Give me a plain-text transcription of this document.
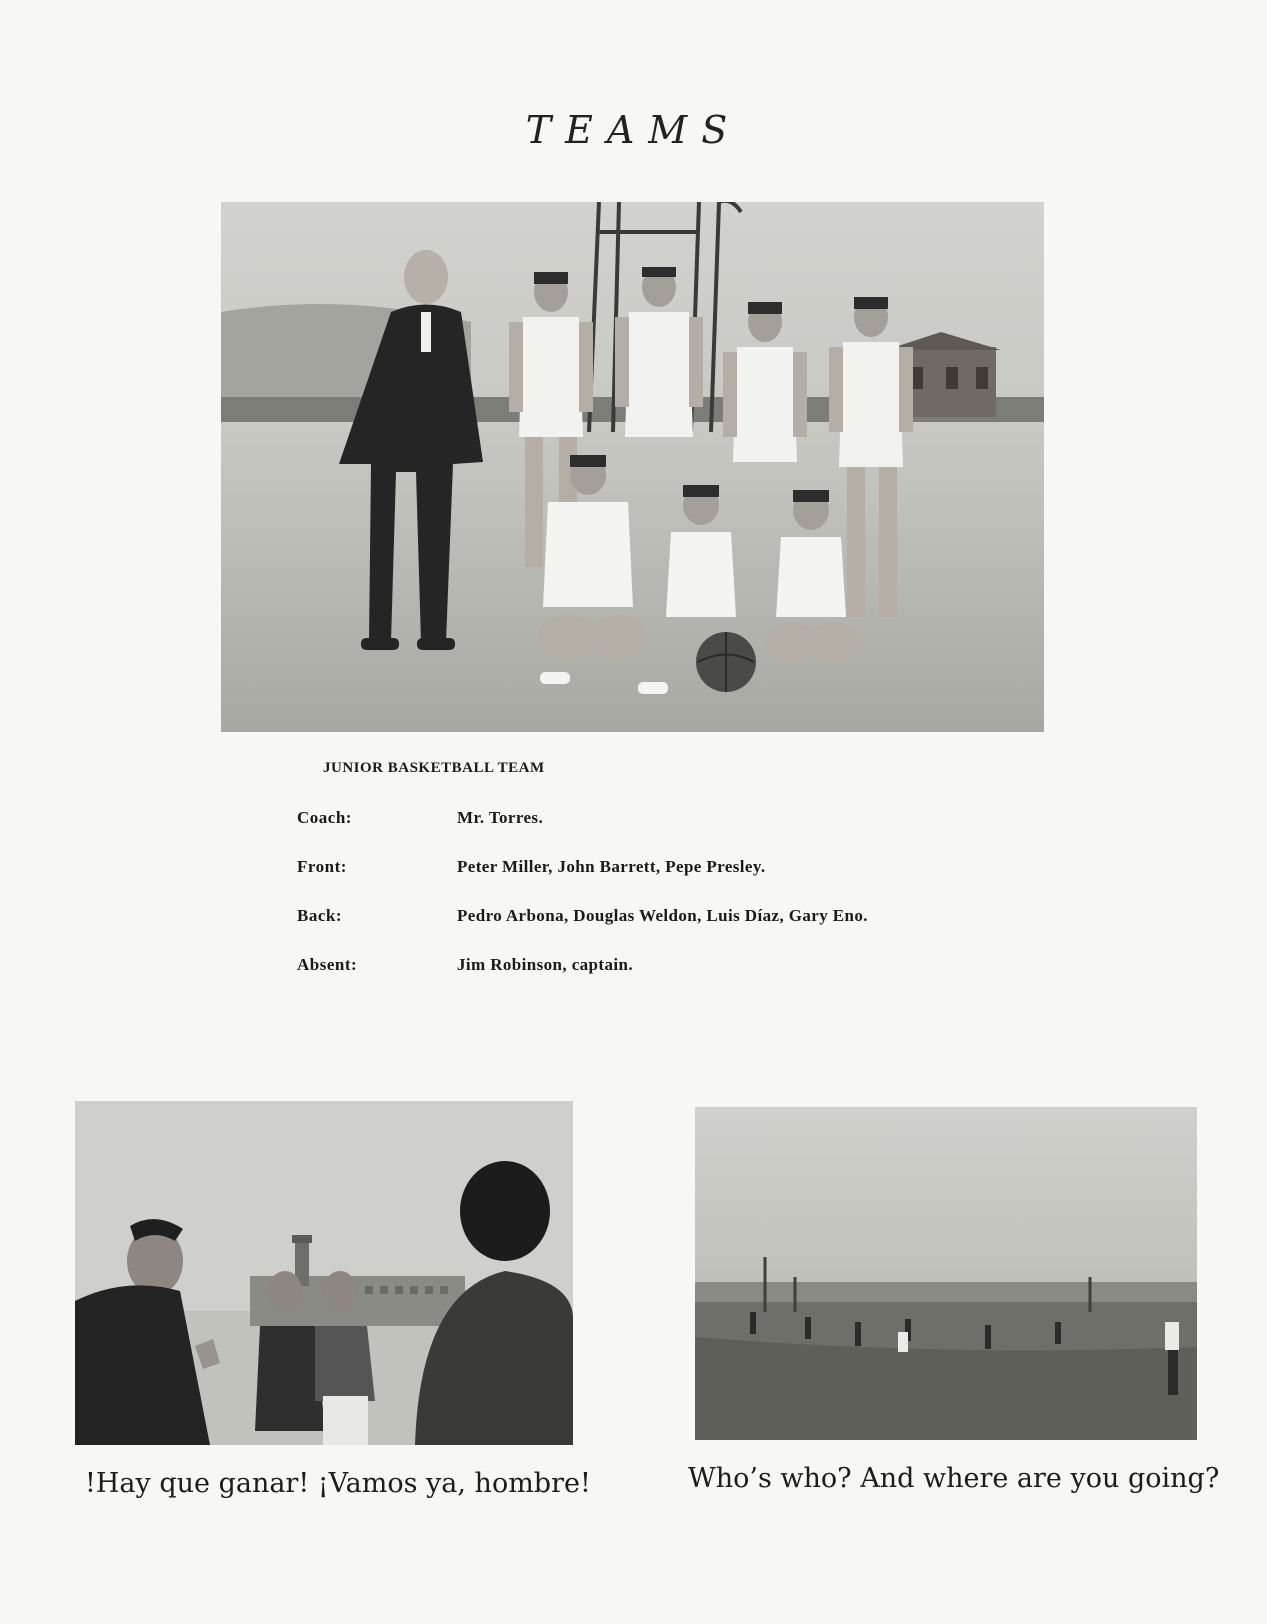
TEAMS
JUNIOR BASKETBALL TEAM
Coach:	Mr. Torres.
Front:	Peter Miller, John Barrett, Pepe Presley.
Back:	Pedro Arbona, Douglas Weldon, Luis Díaz, Gary Eno.
Absent:	Jim Robinson, captain.
!Hay que ganar! ¡Vamos ya, hombre!	Who’s who? And where are you going?
